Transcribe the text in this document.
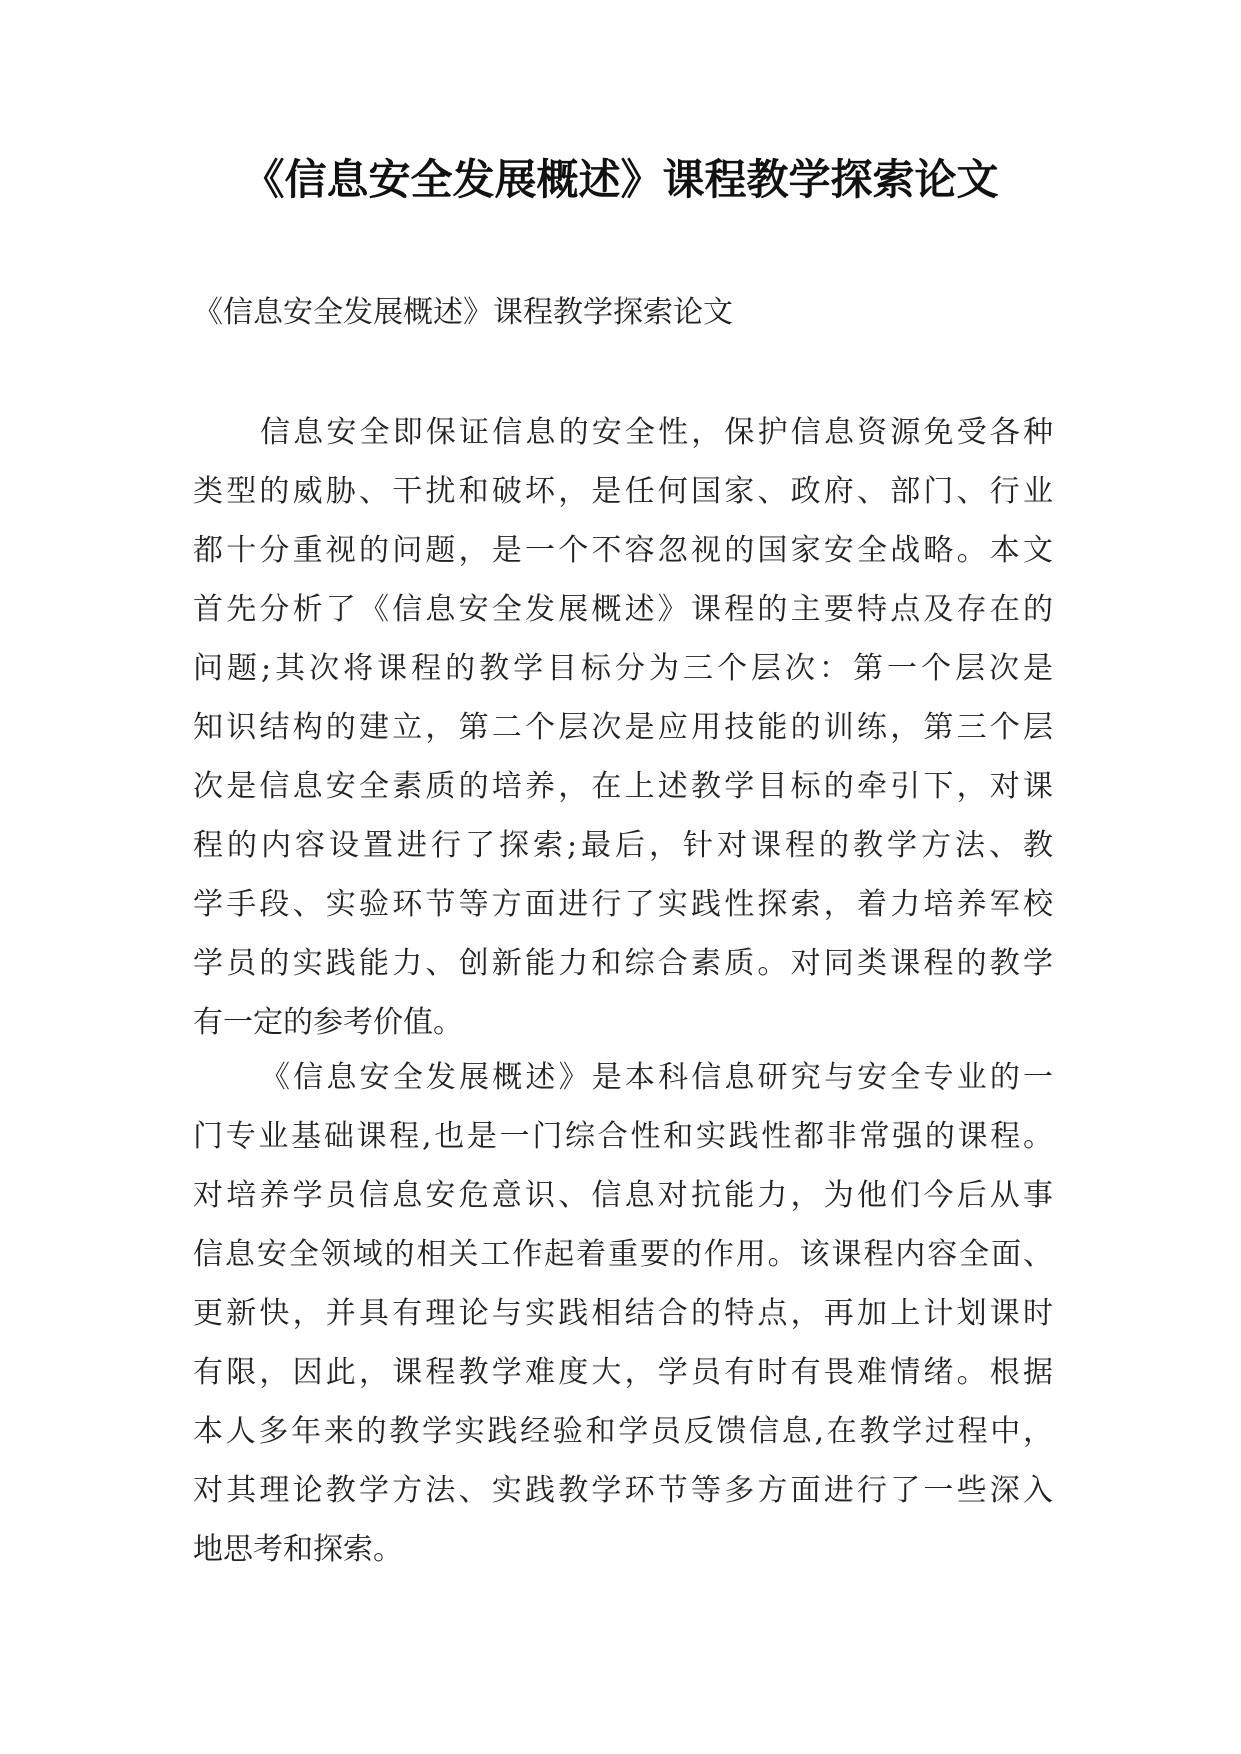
《信息安全发展概述》课程教学探索论文
《信息安全发展概述》课程教学探索论文
信息安全即保证信息的安全性，保护信息资源免受各种
类型的威胁、干扰和破坏，是任何国家、政府、部门、行业
都十分重视的问题，是一个不容忽视的国家安全战略。本文
首先分析了《信息安全发展概述》课程的主要特点及存在的
问题;其次将课程的教学目标分为三个层次：第一个层次是
知识结构的建立，第二个层次是应用技能的训练，第三个层
次是信息安全素质的培养，在上述教学目标的牵引下，对课
程的内容设置进行了探索;最后，针对课程的教学方法、教
学手段、实验环节等方面进行了实践性探索，着力培养军校
学员的实践能力、创新能力和综合素质。对同类课程的教学
有一定的参考价值。
《信息安全发展概述》是本科信息研究与安全专业的一
门专业基础课程,也是一门综合性和实践性都非常强的课程。
对培养学员信息安危意识、信息对抗能力，为他们今后从事
信息安全领域的相关工作起着重要的作用。该课程内容全面、
更新快，并具有理论与实践相结合的特点，再加上计划课时
有限，因此，课程教学难度大，学员有时有畏难情绪。根据
本人多年来的教学实践经验和学员反馈信息,在教学过程中，
对其理论教学方法、实践教学环节等多方面进行了一些深入
地思考和探索。
